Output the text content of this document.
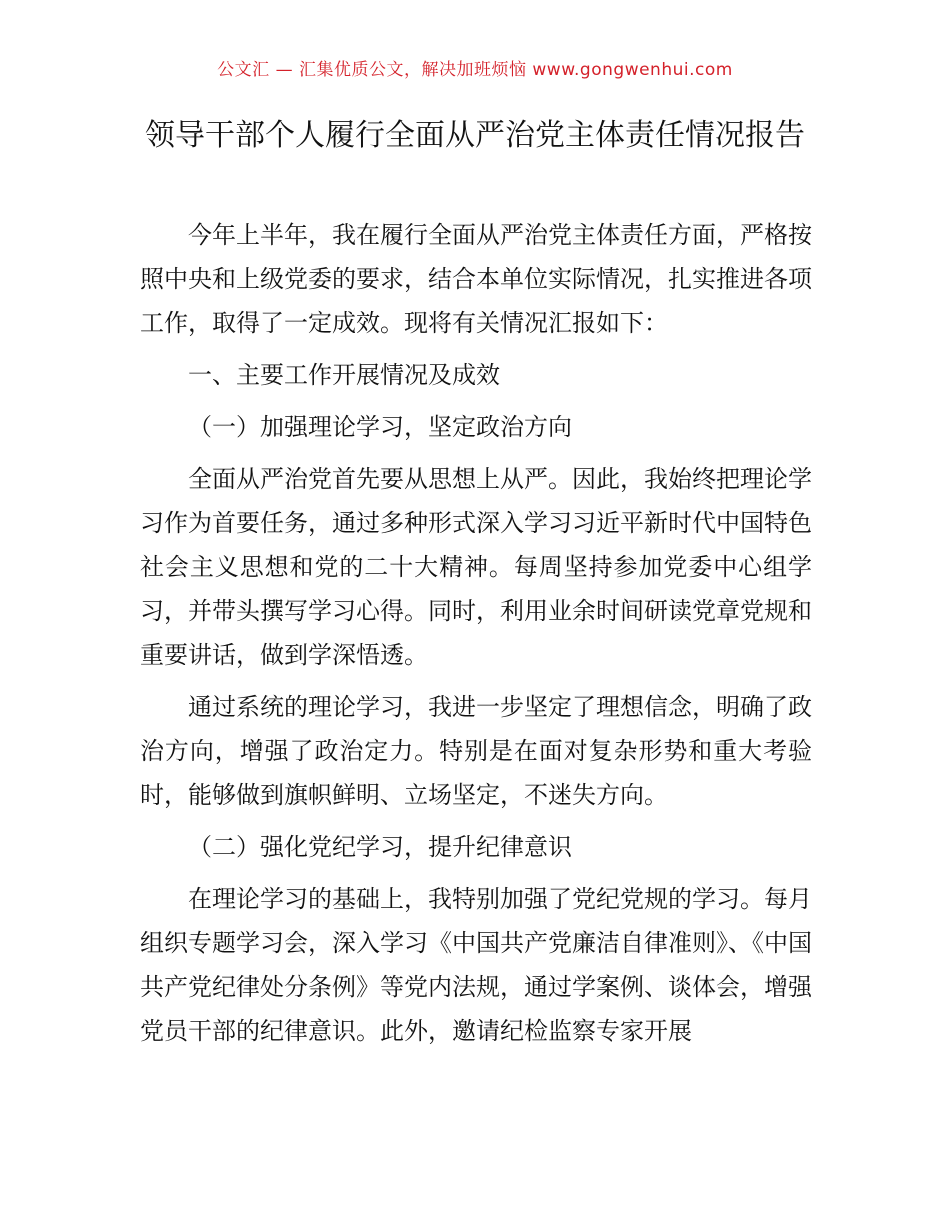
公文汇 — 汇集优质公文，解决加班烦恼 www.gongwenhui.com
领导干部个人履行全面从严治党主体责任情况报告

今年上半年，我在履行全面从严治党主体责任方面，严格按照中央和上级党委的要求，结合本单位实际情况，扎实推进各项工作，取得了一定成效。现将有关情况汇报如下：

一、主要工作开展情况及成效

（一）加强理论学习，坚定政治方向

全面从严治党首先要从思想上从严。因此，我始终把理论学习作为首要任务，通过多种形式深入学习习近平新时代中国特色社会主义思想和党的二十大精神。每周坚持参加党委中心组学习，并带头撰写学习心得。同时，利用业余时间研读党章党规和重要讲话，做到学深悟透。

通过系统的理论学习，我进一步坚定了理想信念，明确了政治方向，增强了政治定力。特别是在面对复杂形势和重大考验时，能够做到旗帜鲜明、立场坚定，不迷失方向。

（二）强化党纪学习，提升纪律意识

在理论学习的基础上，我特别加强了党纪党规的学习。每月组织专题学习会，深入学习《中国共产党廉洁自律准则》、《中国共产党纪律处分条例》等党内法规，通过学案例、谈体会，增强党员干部的纪律意识。此外，邀请纪检监察专家开展
